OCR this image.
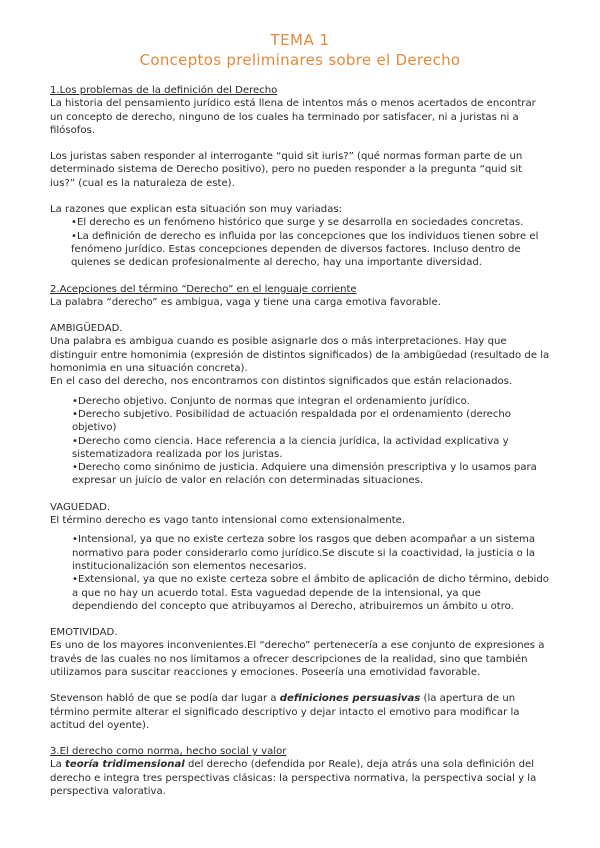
TEMA 1
Conceptos preliminares sobre el Derecho

1.Los problemas de la definición del Derecho

La historia del pensamiento jurídico está llena de intentos más o menos acertados de encontrar un concepto de derecho, ninguno de los cuales ha terminado por satisfacer, ni a juristas ni a filósofos.

Los juristas saben responder al interrogante “quid sit iuris?” (qué normas forman parte de un determinado sistema de Derecho positivo), pero no pueden responder a la pregunta “quid sit ius?” (cual es la naturaleza de este).

La razones que explican esta situación son muy variadas:

•El derecho es un fenómeno histórico que surge y se desarrolla en sociedades concretas.

•La definición de derecho es influida por las concepciones que los individuos tienen sobre el fenómeno jurídico. Estas concepciones dependen de diversos factores. Incluso dentro de quienes se dedican profesionalmente al derecho, hay una importante diversidad.

2.Acepciones del término “Derecho” en el lenguaje corriente

La palabra “derecho” es ambigua, vaga y tiene una carga emotiva favorable.

AMBIGÜEDAD.

Una palabra es ambigua cuando es posible asignarle dos o más interpretaciones. Hay que distinguir entre homonimia (expresión de distintos significados) de la ambigüedad (resultado de la homonimia en una situación concreta).

En el caso del derecho, nos encontramos con distintos significados que están relacionados.

•Derecho objetivo. Conjunto de normas que integran el ordenamiento jurídico.

•Derecho subjetivo. Posibilidad de actuación respaldada por el ordenamiento (derecho objetivo)

•Derecho como ciencia. Hace referencia a la ciencia jurídica, la actividad explicativa y sistematizadora realizada por los juristas.

•Derecho como sinónimo de justicia. Adquiere una dimensión prescriptiva y lo usamos para expresar un juicio de valor en relación con determinadas situaciones.

VAGUEDAD.

El término derecho es vago tanto intensional como extensionalmente.

•Intensional, ya que no existe certeza sobre los rasgos que deben acompañar a un sistema normativo para poder considerarlo como jurídico.Se discute si la coactividad, la justicia o la institucionalización son elementos necesarios.

•Extensional, ya que no existe certeza sobre el ámbito de aplicación de dicho término, debido a que no hay un acuerdo total. Esta vaguedad depende de la intensional, ya que dependiendo del concepto que atribuyamos al Derecho, atribuiremos un ámbito u otro.

EMOTIVIDAD.

Es uno de los mayores inconvenientes.El “derecho” pertenecería a ese conjunto de expresiones a través de las cuales no nos limitamos a ofrecer descripciones de la realidad, sino que también utilizamos para suscitar reacciones y emociones. Poseería una emotividad favorable.

Stevenson habló de que se podía dar lugar a definiciones persuasivas (la apertura de un término permite alterar el significado descriptivo y dejar intacto el emotivo para modificar la actitud del oyente).

3.El derecho como norma, hecho social y valor

La teoría tridimensional del derecho (defendida por Reale), deja atrás una sola definición del derecho e integra tres perspectivas clásicas: la perspectiva normativa, la perspectiva social y la perspectiva valorativa.
